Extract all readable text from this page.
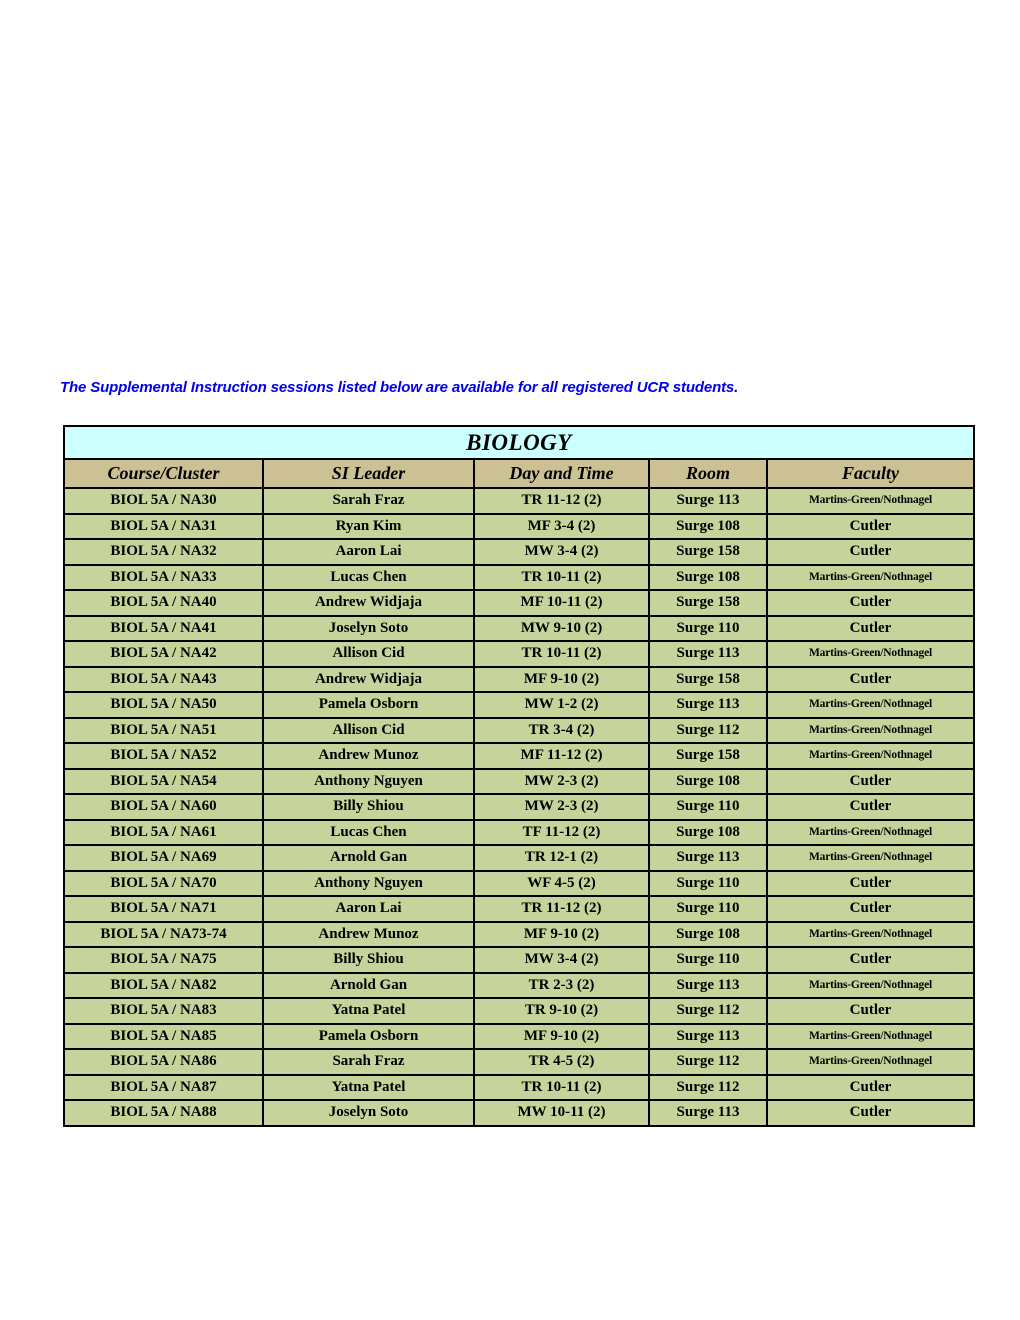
The Supplemental Instruction sessions listed below are available for all registered UCR students.
BIOLOGY				
Course/Cluster	SI Leader	Day and Time	Room	Faculty
BIOL 5A / NA30	Sarah Fraz	TR 11-12 (2)	Surge 113	Martins-Green/Nothnagel
BIOL 5A / NA31	Ryan Kim	MF 3-4 (2)	Surge 108	Cutler
BIOL 5A / NA32	Aaron Lai	MW 3-4 (2)	Surge 158	Cutler
BIOL 5A / NA33	Lucas Chen	TR 10-11 (2)	Surge 108	Martins-Green/Nothnagel
BIOL 5A / NA40	Andrew Widjaja	MF 10-11 (2)	Surge 158	Cutler
BIOL 5A / NA41	Joselyn Soto	MW 9-10 (2)	Surge 110	Cutler
BIOL 5A / NA42	Allison Cid	TR 10-11 (2)	Surge 113	Martins-Green/Nothnagel
BIOL 5A / NA43	Andrew Widjaja	MF 9-10 (2)	Surge 158	Cutler
BIOL 5A / NA50	Pamela Osborn	MW 1-2 (2)	Surge 113	Martins-Green/Nothnagel
BIOL 5A / NA51	Allison Cid	TR 3-4 (2)	Surge 112	Martins-Green/Nothnagel
BIOL 5A / NA52	Andrew Munoz	MF 11-12 (2)	Surge 158	Martins-Green/Nothnagel
BIOL 5A / NA54	Anthony Nguyen	MW 2-3 (2)	Surge 108	Cutler
BIOL 5A / NA60	Billy Shiou	MW 2-3 (2)	Surge 110	Cutler
BIOL 5A / NA61	Lucas Chen	TF 11-12 (2)	Surge 108	Martins-Green/Nothnagel
BIOL 5A / NA69	Arnold Gan	TR 12-1 (2)	Surge 113	Martins-Green/Nothnagel
BIOL 5A / NA70	Anthony Nguyen	WF 4-5 (2)	Surge 110	Cutler
BIOL 5A / NA71	Aaron Lai	TR 11-12 (2)	Surge 110	Cutler
BIOL 5A / NA73-74	Andrew Munoz	MF 9-10 (2)	Surge 108	Martins-Green/Nothnagel
BIOL 5A / NA75	Billy Shiou	MW 3-4 (2)	Surge 110	Cutler
BIOL 5A / NA82	Arnold Gan	TR 2-3 (2)	Surge 113	Martins-Green/Nothnagel
BIOL 5A / NA83	Yatna Patel	TR 9-10 (2)	Surge 112	Cutler
BIOL 5A / NA85	Pamela Osborn	MF 9-10 (2)	Surge 113	Martins-Green/Nothnagel
BIOL 5A / NA86	Sarah Fraz	TR 4-5 (2)	Surge 112	Martins-Green/Nothnagel
BIOL 5A / NA87	Yatna Patel	TR 10-11 (2)	Surge 112	Cutler
BIOL 5A / NA88	Joselyn Soto	MW 10-11 (2)	Surge 113	Cutler
